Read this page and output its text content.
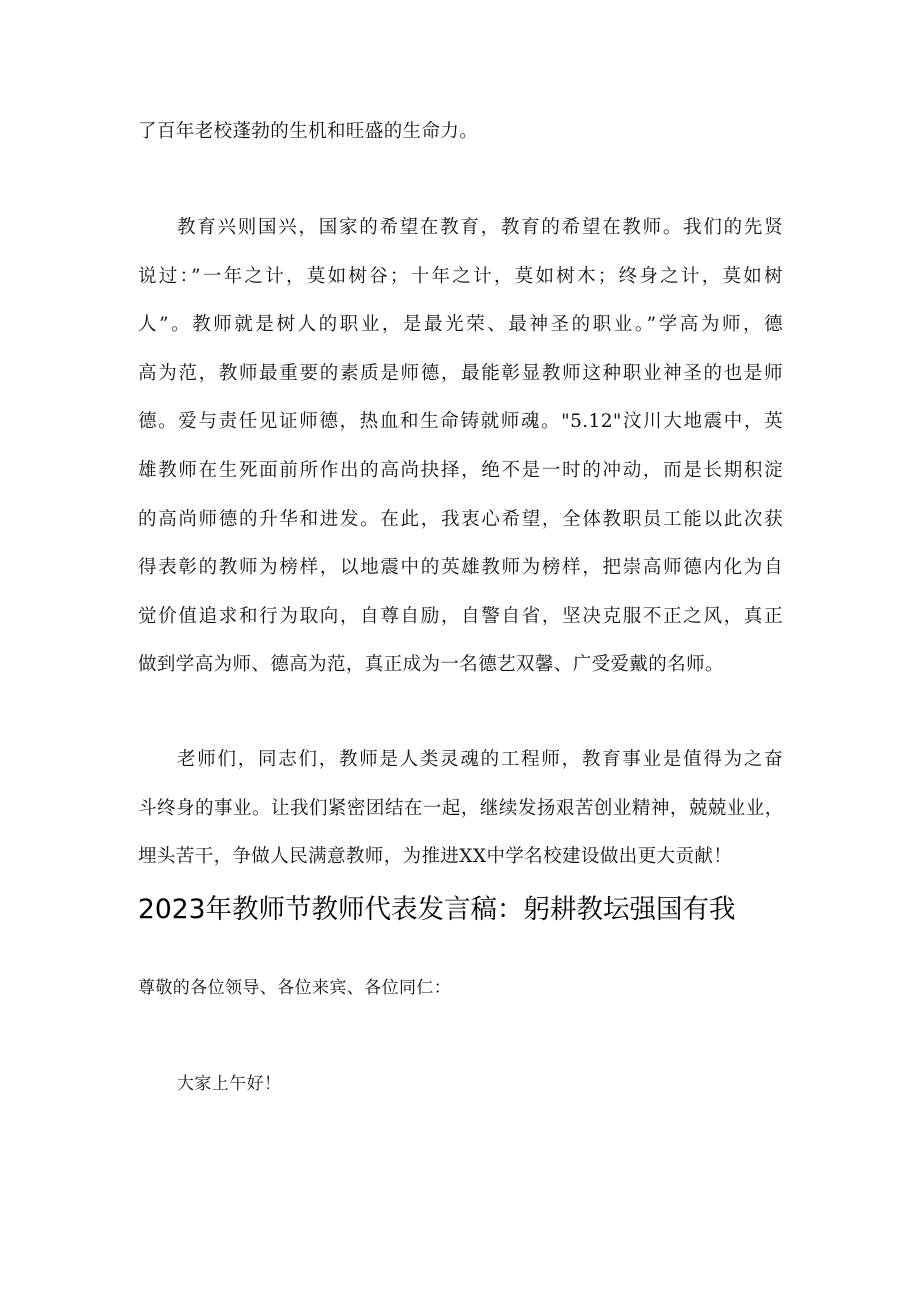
了百年老校蓬勃的生机和旺盛的生命力。
教育兴则国兴，国家的希望在教育，教育的希望在教师。我们的先贤
说过：”一年之计，莫如树谷；十年之计，莫如树木；终身之计，莫如树
人”。教师就是树人的职业，是最光荣、最神圣的职业。”学高为师，德
高为范，教师最重要的素质是师德，最能彰显教师这种职业神圣的也是师
德。爱与责任见证师德，热血和生命铸就师魂。"5.12"汶川大地震中，英
雄教师在生死面前所作出的高尚抉择，绝不是一时的冲动，而是长期积淀
的高尚师德的升华和进发。在此，我衷心希望，全体教职员工能以此次获
得表彰的教师为榜样，以地震中的英雄教师为榜样，把崇高师德内化为自
觉价值追求和行为取向，自尊自励，自警自省，坚决克服不正之风，真正
做到学高为师、德高为范，真正成为一名德艺双馨、广受爱戴的名师。
老师们，同志们，教师是人类灵魂的工程师，教育事业是值得为之奋
斗终身的事业。让我们紧密团结在一起，继续发扬艰苦创业精神，兢兢业业，
埋头苦干，争做人民满意教师，为推进XX中学名校建设做出更大贡献！
2023年教师节教师代表发言稿：躬耕教坛强国有我
尊敬的各位领导、各位来宾、各位同仁：
大家上午好！
